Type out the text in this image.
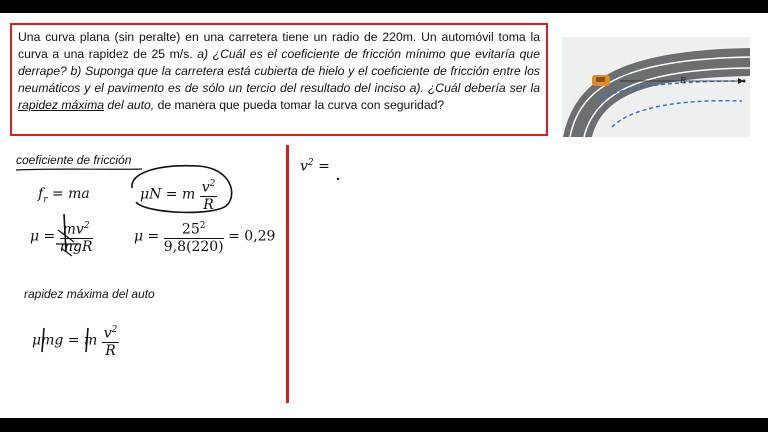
Una curva plana (sin peralte) en una carretera tiene un radio de 220m. Un automóvil toma la curva a una rapidez de 25 m/s. a) ¿Cuál es el coeficiente de fricción mínimo que evitaría que derrape? b) Suponga que la carretera está cubierta de hielo y el coeficiente de fricción entre los neumáticos y el pavimento es de sólo un tercio del resultado del inciso a). ¿Cuál debería ser la rapidez máxima del auto, de manera que pueda tomar la curva con seguridad?
R
coeficiente de fricción
$f_r$ = ma	μN = m $\frac{v^2}{R}$
$\mu = \frac{mv^2}{\text{mgR}}$	$\mu = \frac{25^2}{9,8(220)} = 0,29$
rapidez máxima del auto
μmg = m $\frac{v^2}{R}$
$v^2$ =
